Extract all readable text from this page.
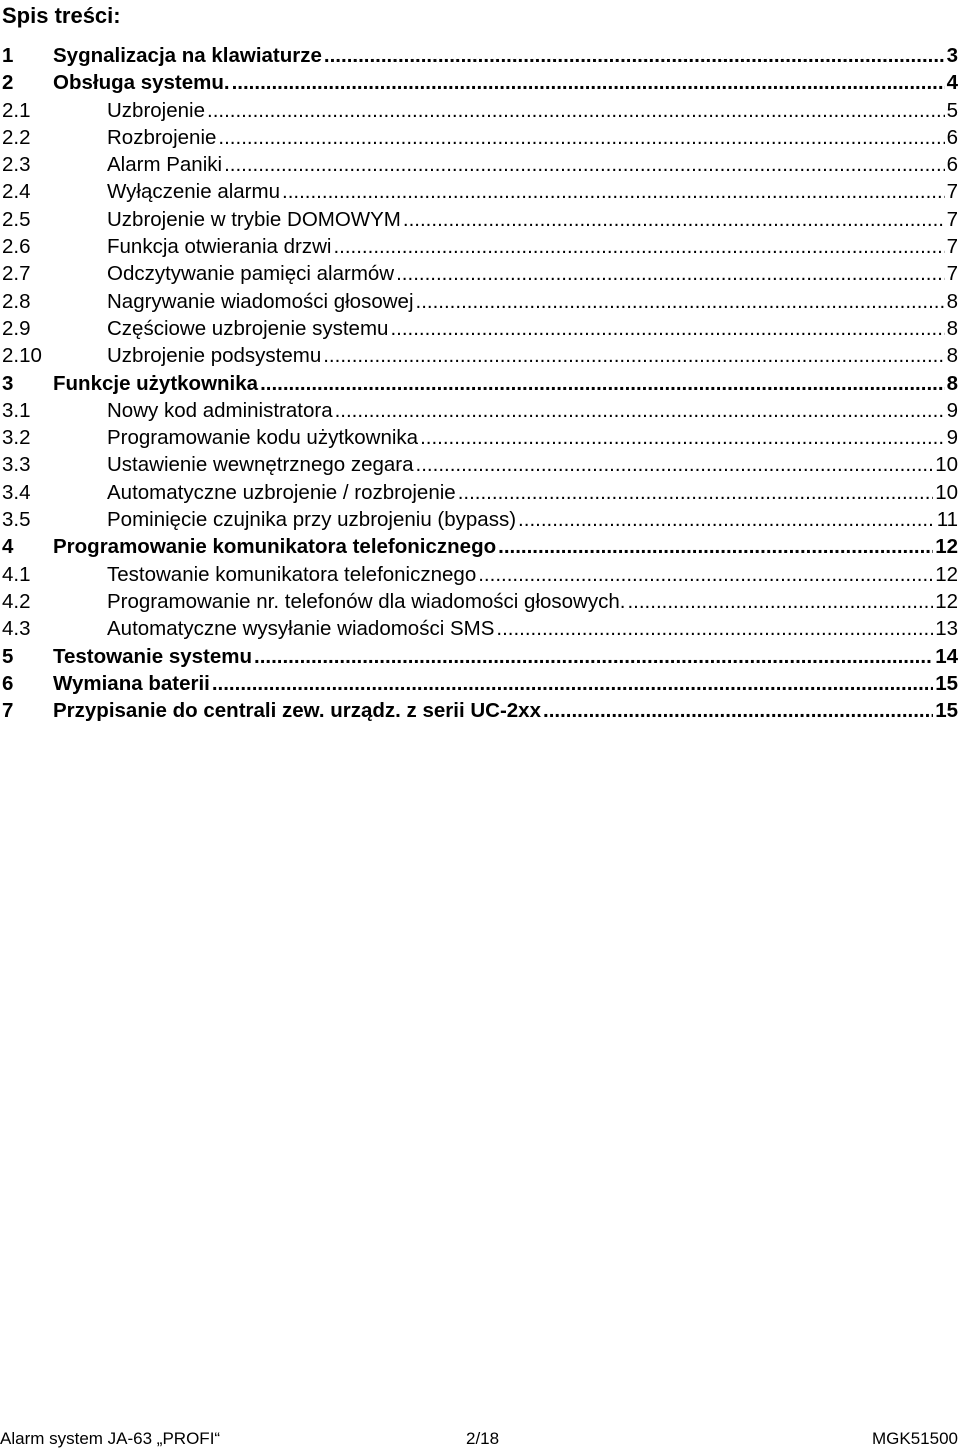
Spis treści:
1	Sygnalizacja na klawiaturze .....	3
2	Obsługa systemu. .....	4
2.1	Uzbrojenie .....	5
2.2	Rozbrojenie .....	6
2.3	Alarm Paniki .....	6
2.4	Wyłączenie alarmu .....	7
2.5	Uzbrojenie w trybie DOMOWYM .....	7
2.6	Funkcja otwierania drzwi .....	7
2.7	Odczytywanie pamięci alarmów .....	7
2.8	Nagrywanie wiadomości głosowej .....	8
2.9	Częściowe uzbrojenie systemu .....	8
2.10	Uzbrojenie podsystemu .....	8
3	Funkcje użytkownika .....	8
3.1	Nowy kod administratora .....	9
3.2	Programowanie kodu użytkownika .....	9
3.3	Ustawienie wewnętrznego zegara .....	10
3.4	Automatyczne uzbrojenie / rozbrojenie .....	10
3.5	Pominięcie czujnika przy uzbrojeniu (bypass) .....	11
4	Programowanie komunikatora telefonicznego .....	12
4.1	Testowanie komunikatora telefonicznego .....	12
4.2	Programowanie nr. telefonów dla wiadomości głosowych. .....	12
4.3	Automatyczne wysyłanie wiadomości SMS .....	13
5	Testowanie systemu .....	14
6	Wymiana baterii .....	15
7	Przypisanie do centrali zew. urządz. z serii UC-2xx .....	15
Alarm system JA-63 „PROFI“	2/18	MGK51500
